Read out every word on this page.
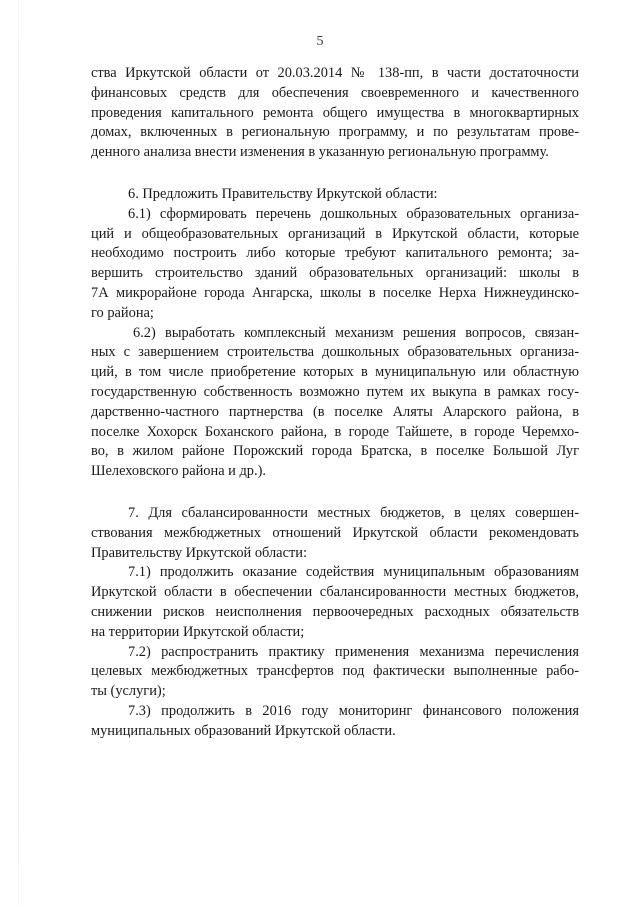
5
ства Иркутской области от 20.03.2014 № 138-пп, в части достаточности
финансовых средств для обеспечения своевременного и качественного
проведения капитального ремонта общего имущества в многоквартирных
домах, включенных в региональную программу, и по результатам прове-
денного анализа внести изменения в указанную региональную программу.
6. Предложить Правительству Иркутской области:
6.1) сформировать перечень дошкольных образовательных организа-
ций и общеобразовательных организаций в Иркутской области, которые
необходимо построить либо которые требуют капитального ремонта; за-
вершить строительство зданий образовательных организаций: школы в
7А микрорайоне города Ангарска, школы в поселке Нерха Нижнеудинско-
го района;
6.2) выработать комплексный механизм решения вопросов, связан-
ных с завершением строительства дошкольных образовательных организа-
ций, в том числе приобретение которых в муниципальную или областную
государственную собственность возможно путем их выкупа в рамках госу-
дарственно-частного партнерства (в поселке Аляты Аларского района, в
поселке Хохорск Боханского района, в городе Тайшете, в городе Черемхо-
во, в жилом районе Порожский города Братска, в поселке Большой Луг
Шелеховского района и др.).
7. Для сбалансированности местных бюджетов, в целях совершен-
ствования межбюджетных отношений Иркутской области рекомендовать
Правительству Иркутской области:
7.1) продолжить оказание содействия муниципальным образованиям
Иркутской области в обеспечении сбалансированности местных бюджетов,
снижении рисков неисполнения первоочередных расходных обязательств
на территории Иркутской области;
7.2) распространить практику применения механизма перечисления
целевых межбюджетных трансфертов под фактически выполненные рабо-
ты (услуги);
7.3) продолжить в 2016 году мониторинг финансового положения
муниципальных образований Иркутской области.
